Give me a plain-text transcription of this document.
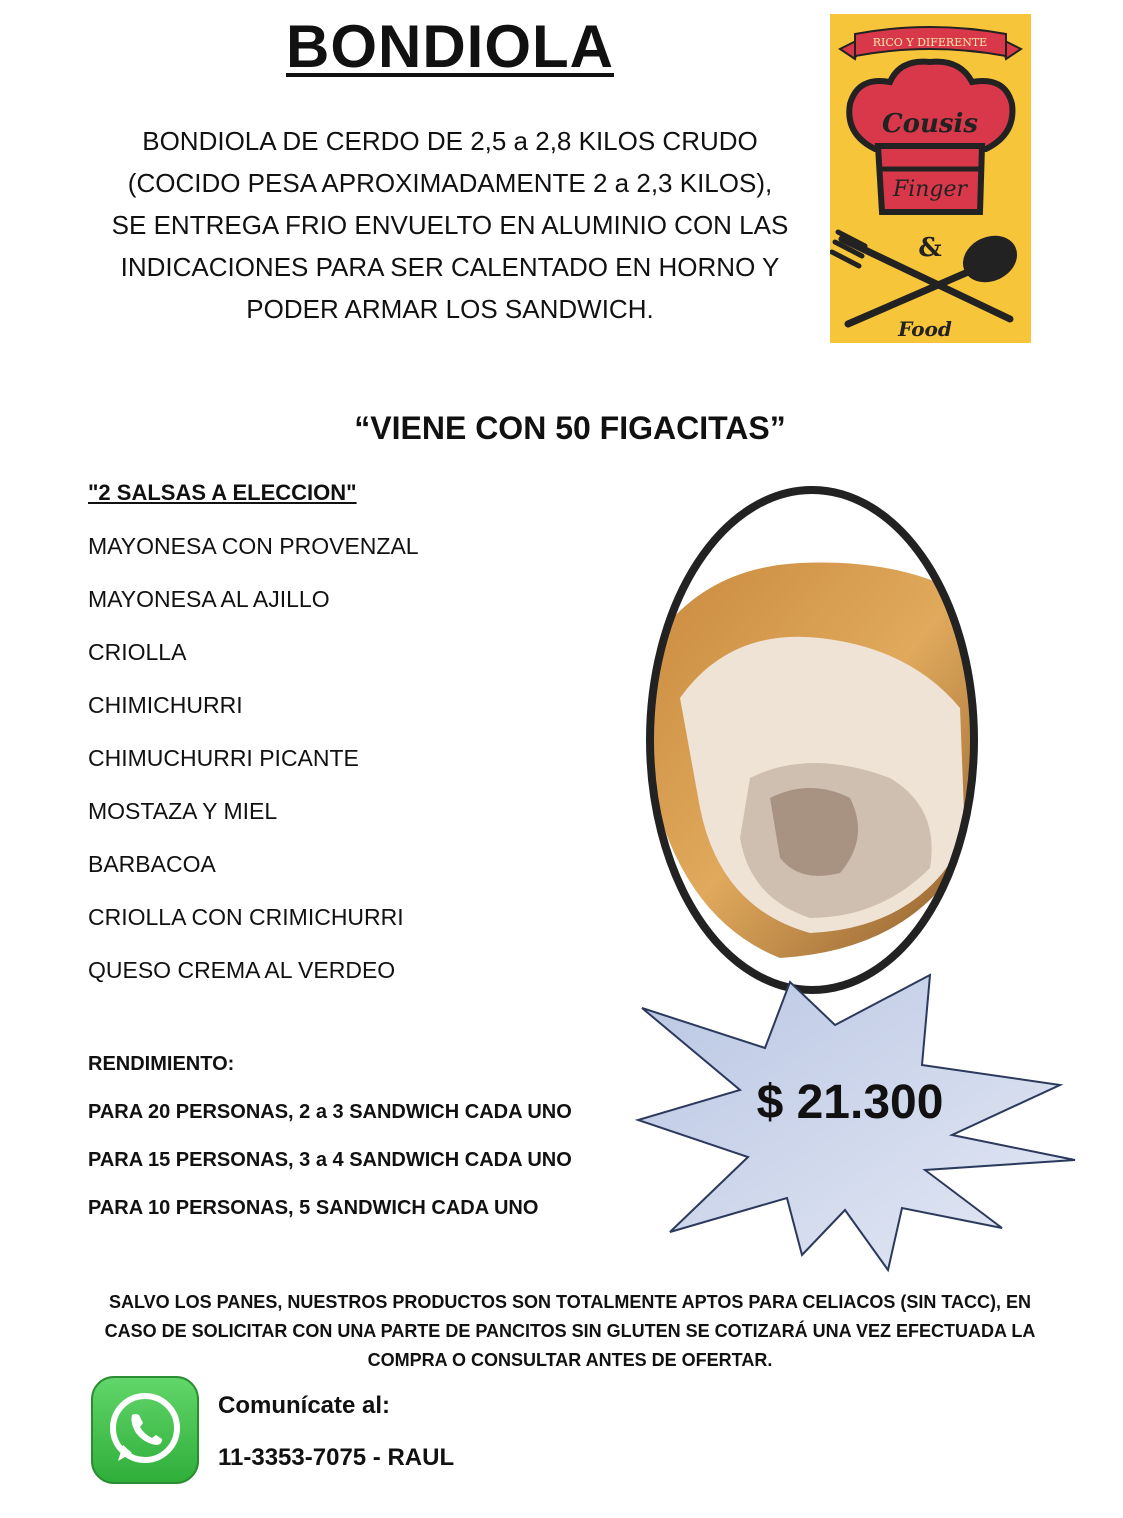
BONDIOLA
BONDIOLA DE CERDO DE 2,5 a 2,8 KILOS CRUDO
(COCIDO PESA APROXIMADAMENTE 2 a 2,3 KILOS),
SE ENTREGA FRIO ENVUELTO EN ALUMINIO CON LAS
INDICACIONES PARA SER CALENTADO EN HORNO Y
PODER ARMAR LOS SANDWICH.
RICO Y DIFERENTE
Cousis
Finger
&
Food
“VIENE CON 50 FIGACITAS”
"2 SALSAS A ELECCION"
MAYONESA CON PROVENZAL
MAYONESA AL AJILLO
CRIOLLA
CHIMICHURRI
CHIMUCHURRI PICANTE
MOSTAZA Y MIEL
BARBACOA
CRIOLLA CON CRIMICHURRI
QUESO CREMA AL VERDEO
RENDIMIENTO:
PARA 20 PERSONAS, 2 a 3 SANDWICH CADA UNO
PARA 15 PERSONAS, 3 a 4 SANDWICH CADA UNO
PARA 10 PERSONAS, 5 SANDWICH CADA UNO
$ 21.300
SALVO LOS PANES, NUESTROS PRODUCTOS SON TOTALMENTE APTOS PARA CELIACOS (SIN TACC), EN
CASO DE SOLICITAR CON UNA PARTE DE PANCITOS SIN GLUTEN SE COTIZARÁ UNA VEZ EFECTUADA LA
COMPRA O CONSULTAR ANTES DE OFERTAR.
Comunícate al:
11-3353-7075 - RAUL
